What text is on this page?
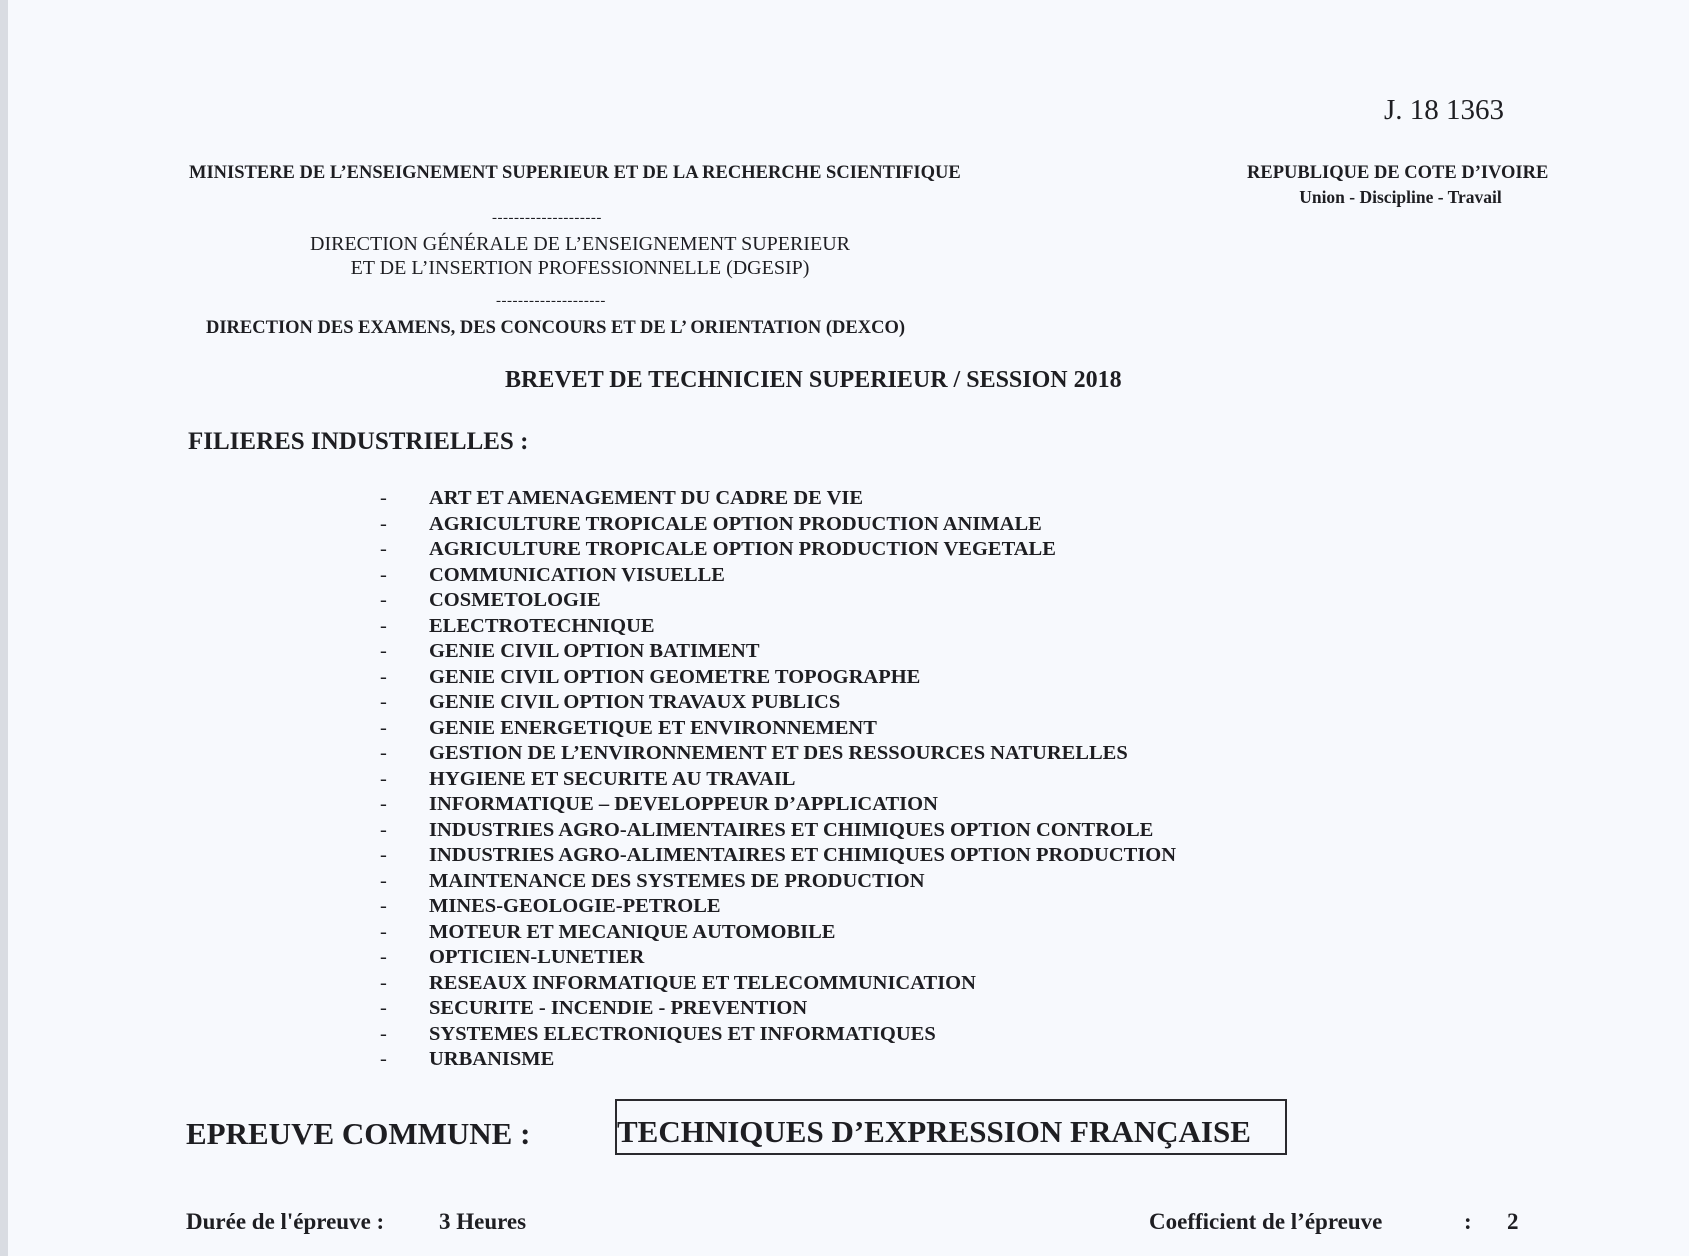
J. 18 1363
MINISTERE DE L’ENSEIGNEMENT SUPERIEUR ET DE LA RECHERCHE SCIENTIFIQUE	REPUBLIQUE DE COTE D’IVOIRE
Union - Discipline - Travail
--------------------
DIRECTION GÉNÉRALE DE L’ENSEIGNEMENT SUPERIEUR
ET DE L’INSERTION PROFESSIONNELLE (DGESIP)
--------------------
DIRECTION DES EXAMENS, DES CONCOURS ET DE L’ ORIENTATION (DEXCO)
BREVET DE TECHNICIEN SUPERIEUR / SESSION 2018
FILIERES INDUSTRIELLES :
- ART ET AMENAGEMENT DU CADRE DE VIE
- AGRICULTURE TROPICALE OPTION PRODUCTION ANIMALE
- AGRICULTURE TROPICALE OPTION PRODUCTION VEGETALE
- COMMUNICATION VISUELLE
- COSMETOLOGIE
- ELECTROTECHNIQUE
- GENIE CIVIL OPTION BATIMENT
- GENIE CIVIL OPTION GEOMETRE TOPOGRAPHE
- GENIE CIVIL OPTION TRAVAUX PUBLICS
- GENIE ENERGETIQUE ET ENVIRONNEMENT
- GESTION DE L’ENVIRONNEMENT ET DES RESSOURCES NATURELLES
- HYGIENE ET SECURITE AU TRAVAIL
- INFORMATIQUE – DEVELOPPEUR D’APPLICATION
- INDUSTRIES AGRO-ALIMENTAIRES ET CHIMIQUES OPTION CONTROLE
- INDUSTRIES AGRO-ALIMENTAIRES ET CHIMIQUES OPTION PRODUCTION
- MAINTENANCE DES SYSTEMES DE PRODUCTION
- MINES-GEOLOGIE-PETROLE
- MOTEUR ET MECANIQUE AUTOMOBILE
- OPTICIEN-LUNETIER
- RESEAUX INFORMATIQUE ET TELECOMMUNICATION
- SECURITE - INCENDIE - PREVENTION
- SYSTEMES ELECTRONIQUES ET INFORMATIQUES
- URBANISME
EPREUVE COMMUNE :	TECHNIQUES D’EXPRESSION FRANÇAISE
Durée de l'épreuve : 3 Heures	Coefficient de l’épreuve	: 2
